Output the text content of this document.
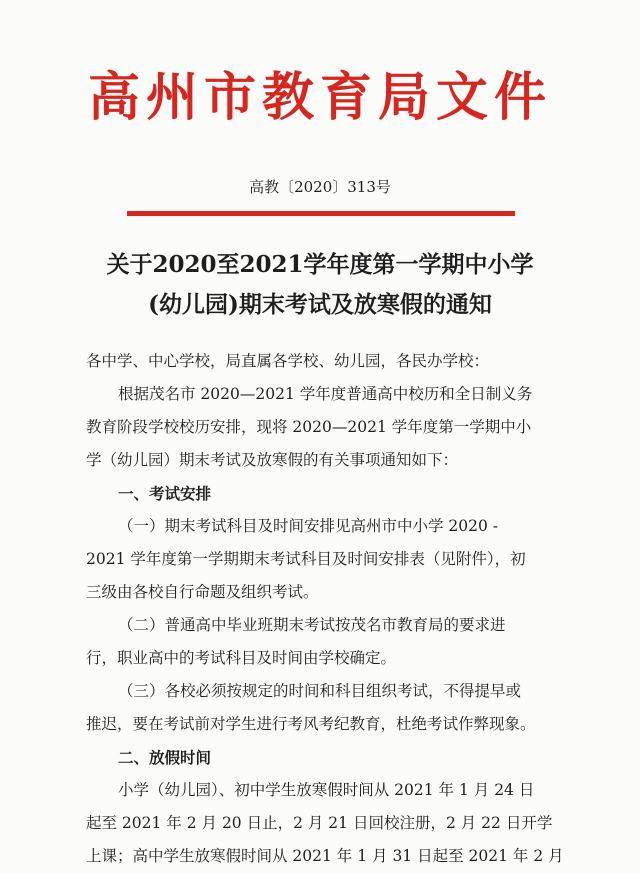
高州市教育局文件
高教〔2020〕313号
关于2020至2021学年度第一学期中小学
(幼儿园)期末考试及放寒假的通知
各中学、中心学校，局直属各学校、幼儿园，各民办学校：
根据茂名市 2020—2021 学年度普通高中校历和全日制义务
教育阶段学校校历安排，现将 2020—2021 学年度第一学期中小
学（幼儿园）期末考试及放寒假的有关事项通知如下：
一、考试安排
（一）期末考试科目及时间安排见高州市中小学 2020 -
2021 学年度第一学期期末考试科目及时间安排表（见附件），初
三级由各校自行命题及组织考试。
（二）普通高中毕业班期末考试按茂名市教育局的要求进
行，职业高中的考试科目及时间由学校确定。
（三）各校必须按规定的时间和科目组织考试，不得提早或
推迟，要在考试前对学生进行考风考纪教育，杜绝考试作弊现象。
二、放假时间
小学（幼儿园）、初中学生放寒假时间从 2021 年 1 月 24 日
起至 2021 年 2 月 20 日止，2 月 21 日回校注册，2 月 22 日开学
上课；高中学生放寒假时间从 2021 年 1 月 31 日起至 2021 年 2 月
